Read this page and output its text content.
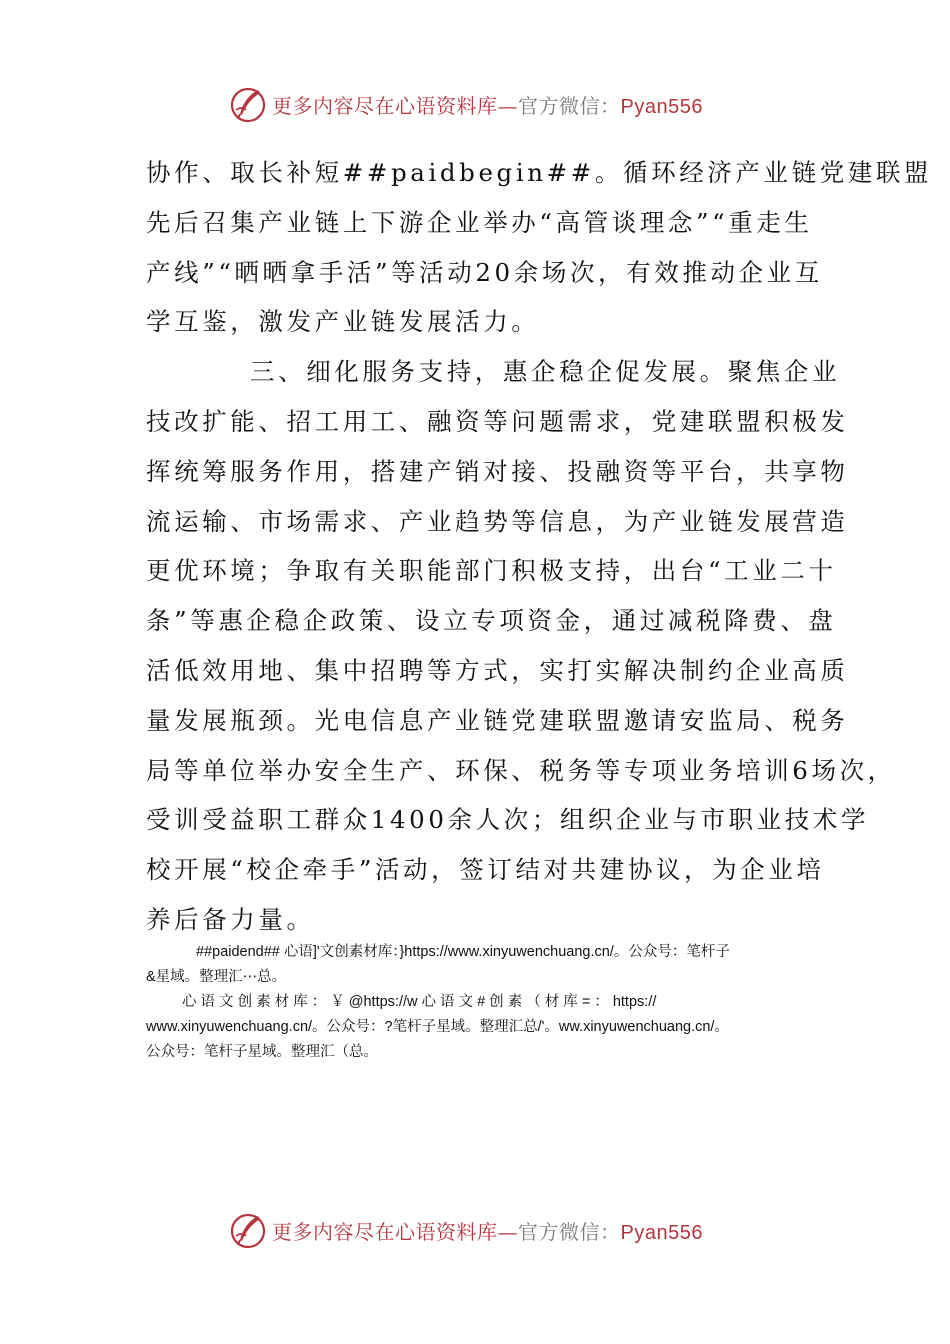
更多内容尽在心语资料库—官方微信：Pyan556
协作、取长补短##paidbegin##。循环经济产业链党建联盟
先后召集产业链上下游企业举办“高管谈理念”“重走生
产线”“晒晒拿手活”等活动20余场次，有效推动企业互
学互鉴，激发产业链发展活力。
三、细化服务支持，惠企稳企促发展。聚焦企业
技改扩能、招工用工、融资等问题需求，党建联盟积极发
挥统筹服务作用，搭建产销对接、投融资等平台，共享物
流运输、市场需求、产业趋势等信息，为产业链发展营造
更优环境；争取有关职能部门积极支持，出台“工业二十
条”等惠企稳企政策、设立专项资金，通过减税降费、盘
活低效用地、集中招聘等方式，实打实解决制约企业高质
量发展瓶颈。光电信息产业链党建联盟邀请安监局、税务
局等单位举办安全生产、环保、税务等专项业务培训6场次，
受训受益职工群众1400余人次；组织企业与市职业技术学
校开展“校企牵手”活动，签订结对共建协议，为企业培
养后备力量。
##paidend## 心语]'文创素材库：}https://www.xinyuwenchuang.cn/。公众号：笔杆子
&星域。整理汇⋯总。
心 语 文 创 素 材 库 ： ￥ @https://w 心 语 文 # 创 素 （ 材 库 = ： https://
www.xinyuwenchuang.cn/。公众号：?笔杆子星域。整理汇总/'。ww.xinyuwenchuang.cn/。
公众号：笔杆子星域。整理汇（总。
更多内容尽在心语资料库—官方微信：Pyan556
